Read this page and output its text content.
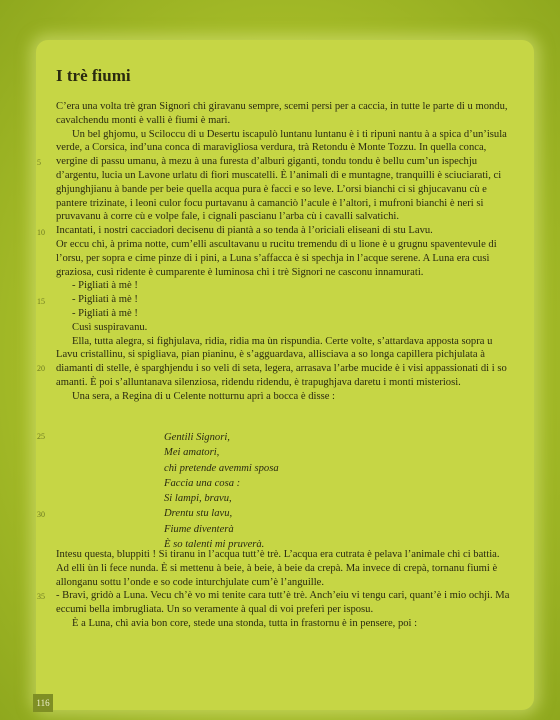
I trè fiumi

C’era una volta trè gran Signori chì giravanu sempre, scemi persi per a caccia, in tutte le parte di u mondu, cavalchendu monti è valli è fiumi è mari.

Un bel ghjomu, u Sciloccu di u Desertu iscapulò luntanu luntanu è i ti ripunì nantu à a spica d’un’isula verde, a Corsica, ind’una conca di maravigliosa verdura, trà Retondu è Monte Tozzu. In quella conca, vergine di passu umanu, à mezu à una furesta d’alburi giganti, tondu tondu è bellu cum’un ispechju d’argentu, lucia un Lavone urlatu di fiori muscatelli. È l’animali di e muntagne, tranquilli è sciuciarati, ci ghjunghjianu à bande per beie quella acqua pura è facci e so leve. L’orsi bianchi ci si ghjucavanu cù e pantere trizinate, i leoni culor focu purtavanu à camanciò l’acule è l’altori, i mufroni bianchi è neri si pruvavanu à corre cù e volpe fale, i cignali pascianu l’arba cù i cavalli salvatichi.

Incantati, i nostri cacciadori decisenu di piantà a so tenda à l’oriciali eliseani di stu Lavu.

Or eccu chì, à prima notte, cum’elli ascultavanu u rucitu tremendu di u lione è u grugnu spaventevule di l’orsu, per sopra e cime pinze di i pini, a Luna s’affacca è si spechja in l’acque serene. A Luna era cusì graziosa, cusì ridente è cumparente è luminosa chì i trè Signori ne casconu innamurati.

- Pigliati à mè !

- Pigliati à mè !

- Pigliati à mè !

Cusì suspiravanu.

Ella, tutta alegra, si fighjulava, ridia, ridia ma ùn rispundia. Certe volte, s’attardava apposta sopra u Lavu cristallinu, si spigliava, pian pianinu, è s’agguardava, allisciava a so longa capillera pichjulata à diamanti di stelle, è sparghjendu i so veli di seta, legera, arrasava l’arbe mucide è i visi appassionati di i so amanti. È poi s’alluntanava silenziosa, ridendu ridendu, è trapughjava daretu i monti misteriosi.

Una sera, a Regina di u Celente notturnu aprì a bocca è disse :

Gentili Signori,
Mei amatori,
chì pretende avemmi sposa
Faccia una cosa :
Si lampi, bravu,
Drentu stu lavu,
Fiume diventerà
È so talenti mi pruverà.

Intesu questa, bluppiti ! Si tiranu in l’acqua tutt’è trè. L’acqua era cutrata è pelava l’animale chì ci battia. Ad elli ùn li fece nunda. È si mettenu à beie, à beie, à beie da crepà. Ma invece di crepà, tornanu fiumi è allonganu sottu l’onde e so code inturchjulate cum’è l’anguille.

- Bravi, gridò a Luna. Vecu ch’è vo mi tenite cara tutt’è trè. Anch’eiu vi tengu cari, quant’è i mio ochji. Ma eccumi bella imbrugliata. Un so veramente à qual di voi preferì per isposu.

È a Luna, chì avia bon core, stede una stonda, tutta in frastornu è in pensere, poi :

5
10
15
20
25
30
35
116
